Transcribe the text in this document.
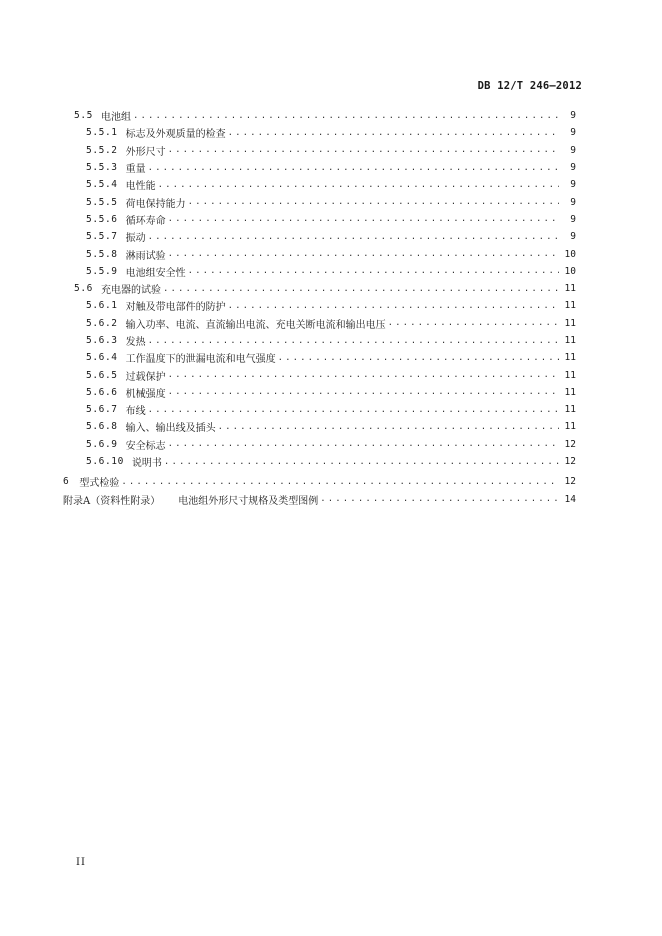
DB 12/T 246—2012
5.5 电池组 .....	9
5.5.1 标志及外观质量的检查 .....	9
5.5.2 外形尺寸 .....	9
5.5.3 重量 .....	9
5.5.4 电性能 .....	9
5.5.5 荷电保持能力 .....	9
5.5.6 循环寿命 .....	9
5.5.7 振动 .....	9
5.5.8 淋雨试验 .....	10
5.5.9 电池组安全性 .....	10
5.6 充电器的试验 .....	11
5.6.1 对触及带电部件的防护 .....	11
5.6.2 输入功率、电流、直流输出电流、充电关断电流和输出电压 .....	11
5.6.3 发热 .....	11
5.6.4 工作温度下的泄漏电流和电气强度 .....	11
5.6.5 过载保护 .....	11
5.6.6 机械强度 .....	11
5.6.7 布线 .....	11
5.6.8 输入、输出线及插头 .....	11
5.6.9 安全标志 .....	12
5.6.10 说明书 .....	12
6 型式检验 .....	12
附录A（资料性附录） 电池组外形尺寸规格及类型图例 .....	14
II
